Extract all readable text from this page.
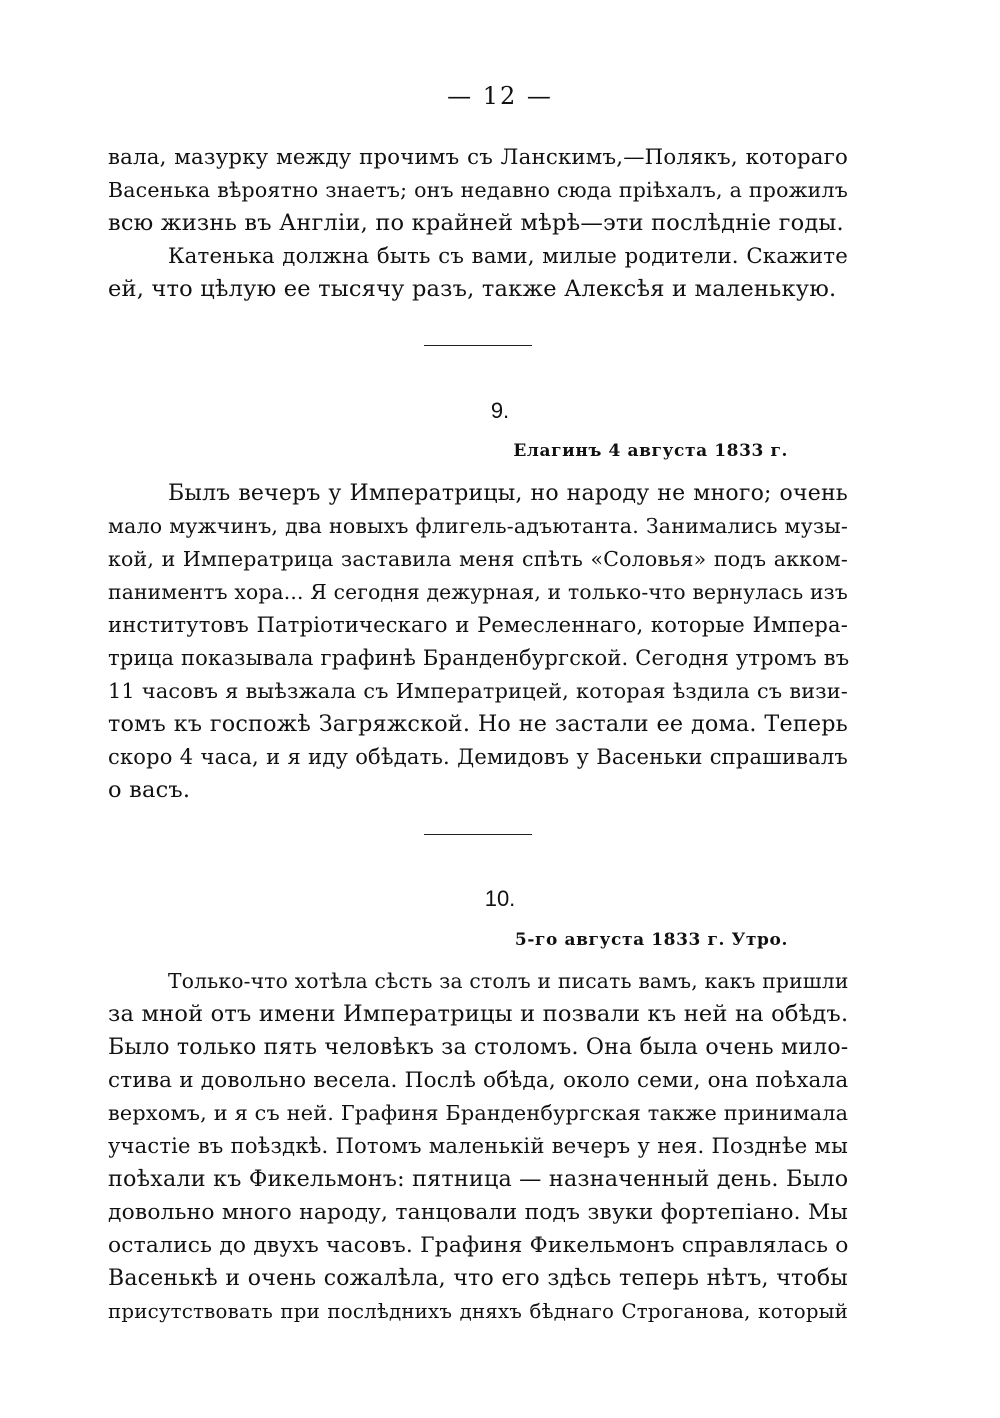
— 12 —
вала, мазурку между прочимъ съ Ланскимъ,—Полякъ, котораго
Васенька вѣроятно знаетъ; онъ недавно сюда пріѣхалъ, а прожилъ
всю жизнь въ Англіи, по крайней мѣрѣ—эти послѣдніе годы.
Катенька должна быть съ вами, милые родители. Скажите
ей, что цѣлую ее тысячу разъ, также Алексѣя и маленькую.
9.
Елагинъ 4 августа 1833 г.
Былъ вечеръ у Императрицы, но народу не много; очень
мало мужчинъ, два новыхъ флигель-адъютанта. Занимались музы-
кой, и Императрица заставила меня спѣть «Соловья» подъ акком-
паниментъ хора... Я сегодня дежурная, и только-что вернулась изъ
институтовъ Патріотическаго и Ремесленнаго, которые Импера-
трица показывала графинѣ Бранденбургской. Сегодня утромъ въ
11 часовъ я выѣзжала съ Императрицей, которая ѣздила съ визи-
томъ къ госпожѣ Загряжской. Но не застали ее дома. Теперь
скоро 4 часа, и я иду обѣдать. Демидовъ у Васеньки спрашивалъ
о васъ.
10.
5-го августа 1833 г. Утро.
Только-что хотѣла сѣсть за столъ и писать вамъ, какъ пришли
за мной отъ имени Императрицы и позвали къ ней на обѣдъ.
Было только пять человѣкъ за столомъ. Она была очень мило-
стива и довольно весела. Послѣ обѣда, около семи, она поѣхала
верхомъ, и я съ ней. Графиня Бранденбургская также принимала
участіе въ поѣздкѣ. Потомъ маленькій вечеръ у нея. Позднѣе мы
поѣхали къ Фикельмонъ: пятница — назначенный день. Было
довольно много народу, танцовали подъ звуки фортепіано. Мы
остались до двухъ часовъ. Графиня Фикельмонъ справлялась о
Васенькѣ и очень сожалѣла, что его здѣсь теперь нѣтъ, чтобы
присутствовать при послѣднихъ дняхъ бѣднаго Строганова, который
